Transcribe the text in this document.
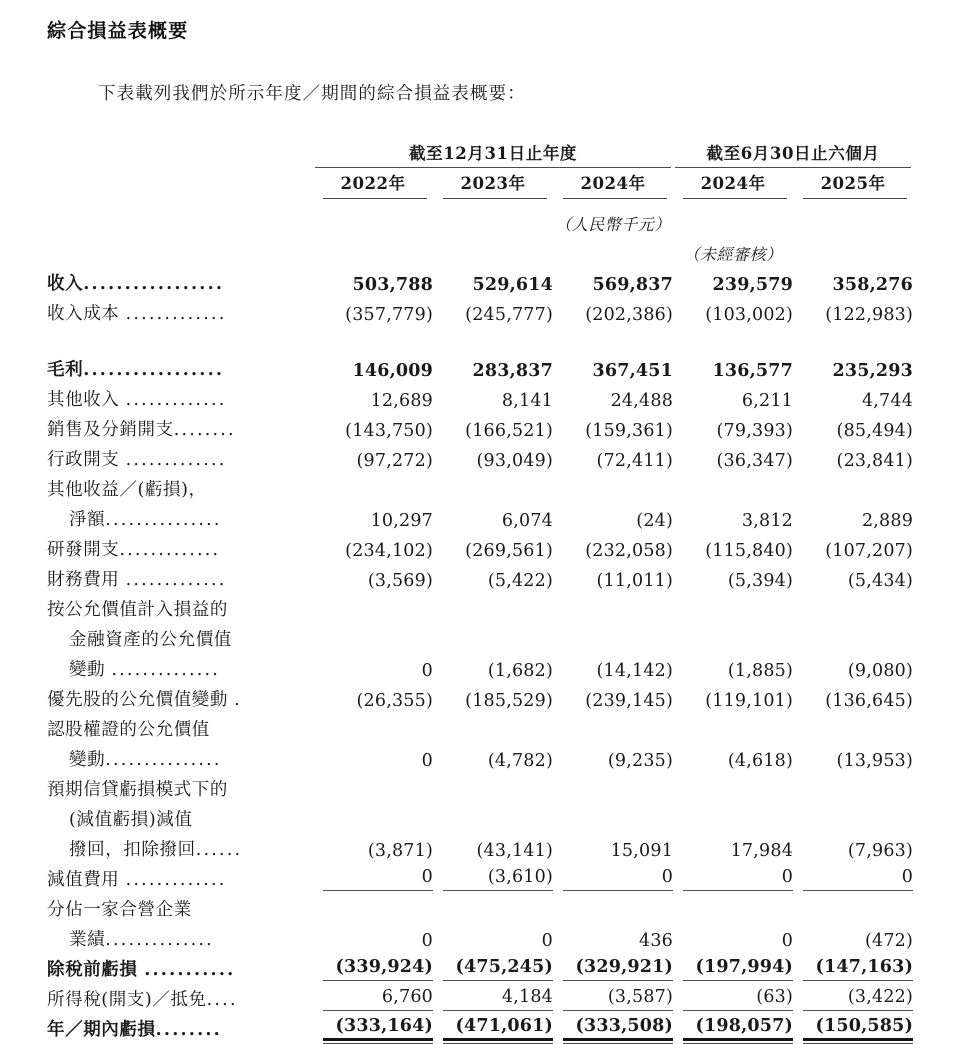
綜合損益表概要
下表載列我們於所示年度／期間的綜合損益表概要：
	截至12月31日止年度			截至6月30日止六個月	

	2022年	2023年	2024年	2024年	2025年

			（人民幣千元）		
				（未經審核）	
收入.................	503,788	529,614	569,837	239,579	358,276

收入成本 .............	(357,779)	(245,777)	(202,386)	(103,002)	(122,983)

毛利.................	146,009	283,837	367,451	136,577	235,293

其他收入 .............	12,689	8,141	24,488	6,211	4,744

銷售及分銷開支........	(143,750)	(166,521)	(159,361)	(79,393)	(85,494)

行政開支 .............	(97,272)	(93,049)	(72,411)	(36,347)	(23,841)

其他收益／(虧損)，					
淨額...............	10,297	6,074	(24)	3,812	2,889

研發開支.............	(234,102)	(269,561)	(232,058)	(115,840)	(107,207)

財務費用 .............	(3,569)	(5,422)	(11,011)	(5,394)	(5,434)

按公允價值計入損益的					
金融資產的公允價值					
變動 ..............	0	(1,682)	(14,142)	(1,885)	(9,080)

優先股的公允價值變動 .	(26,355)	(185,529)	(239,145)	(119,101)	(136,645)

認股權證的公允價值					
變動...............	0	(4,782)	(9,235)	(4,618)	(13,953)

預期信貸虧損模式下的					
(減值虧損)減值					
撥回，扣除撥回......	(3,871)	(43,141)	15,091	17,984	(7,963)

減值費用 .............	0	(3,610)	0	0	0

分佔一家合營企業					
業績..............	0	0	436	0	(472)

除稅前虧損 ...........	(339,924)	(475,245)	(329,921)	(197,994)	(147,163)

所得稅(開支)／抵免....	6,760	4,184	(3,587)	(63)	(3,422)

年／期內虧損........	(333,164)	(471,061)	(333,508)	(198,057)	(150,585)
